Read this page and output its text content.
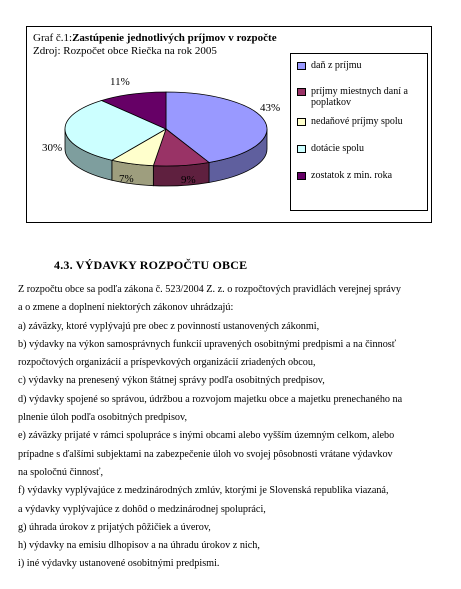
Graf č.1:Zastúpenie jednotlivých príjmov v rozpočte
Zdroj: Rozpočet obce Riečka na rok 2005
43%
9%
7%
30%
11%
daň z príjmu
príjmy miestnych daní a poplatkov
nedaňové príjmy spolu
dotácie spolu
zostatok z min. roka
4.3. VÝDAVKY ROZPOČTU OBCE
Z rozpočtu obce sa podľa zákona č. 523/2004 Z. z. o rozpočtových pravidlách verejnej správy
a o zmene a doplnení niektorých zákonov uhrádzajú:
a) záväzky, ktoré vyplývajú pre obec z povinností ustanovených zákonmi,
b) výdavky na výkon samosprávnych funkcií upravených osobitnými predpismi a na činnosť
rozpočtových organizácií a príspevkových organizácií zriadených obcou,
c) výdavky na prenesený výkon štátnej správy podľa osobitných predpisov,
d) výdavky spojené so správou, údržbou a rozvojom majetku obce a majetku prenechaného na
plnenie úloh podľa osobitných predpisov,
e) záväzky prijaté v rámci spolupráce s inými obcami alebo vyšším územným celkom, alebo
prípadne s ďalšími subjektami na zabezpečenie úloh vo svojej pôsobnosti vrátane výdavkov
na spoločnú činnosť,
f) výdavky vyplývajúce z medzinárodných zmlúv, ktorými je Slovenská republika viazaná,
a výdavky vyplývajúce z dohôd o medzinárodnej spolupráci,
g) úhrada úrokov z prijatých pôžičiek a úverov,
h) výdavky na emisiu dlhopisov a na úhradu úrokov z nich,
i) iné výdavky ustanovené osobitnými predpismi.
